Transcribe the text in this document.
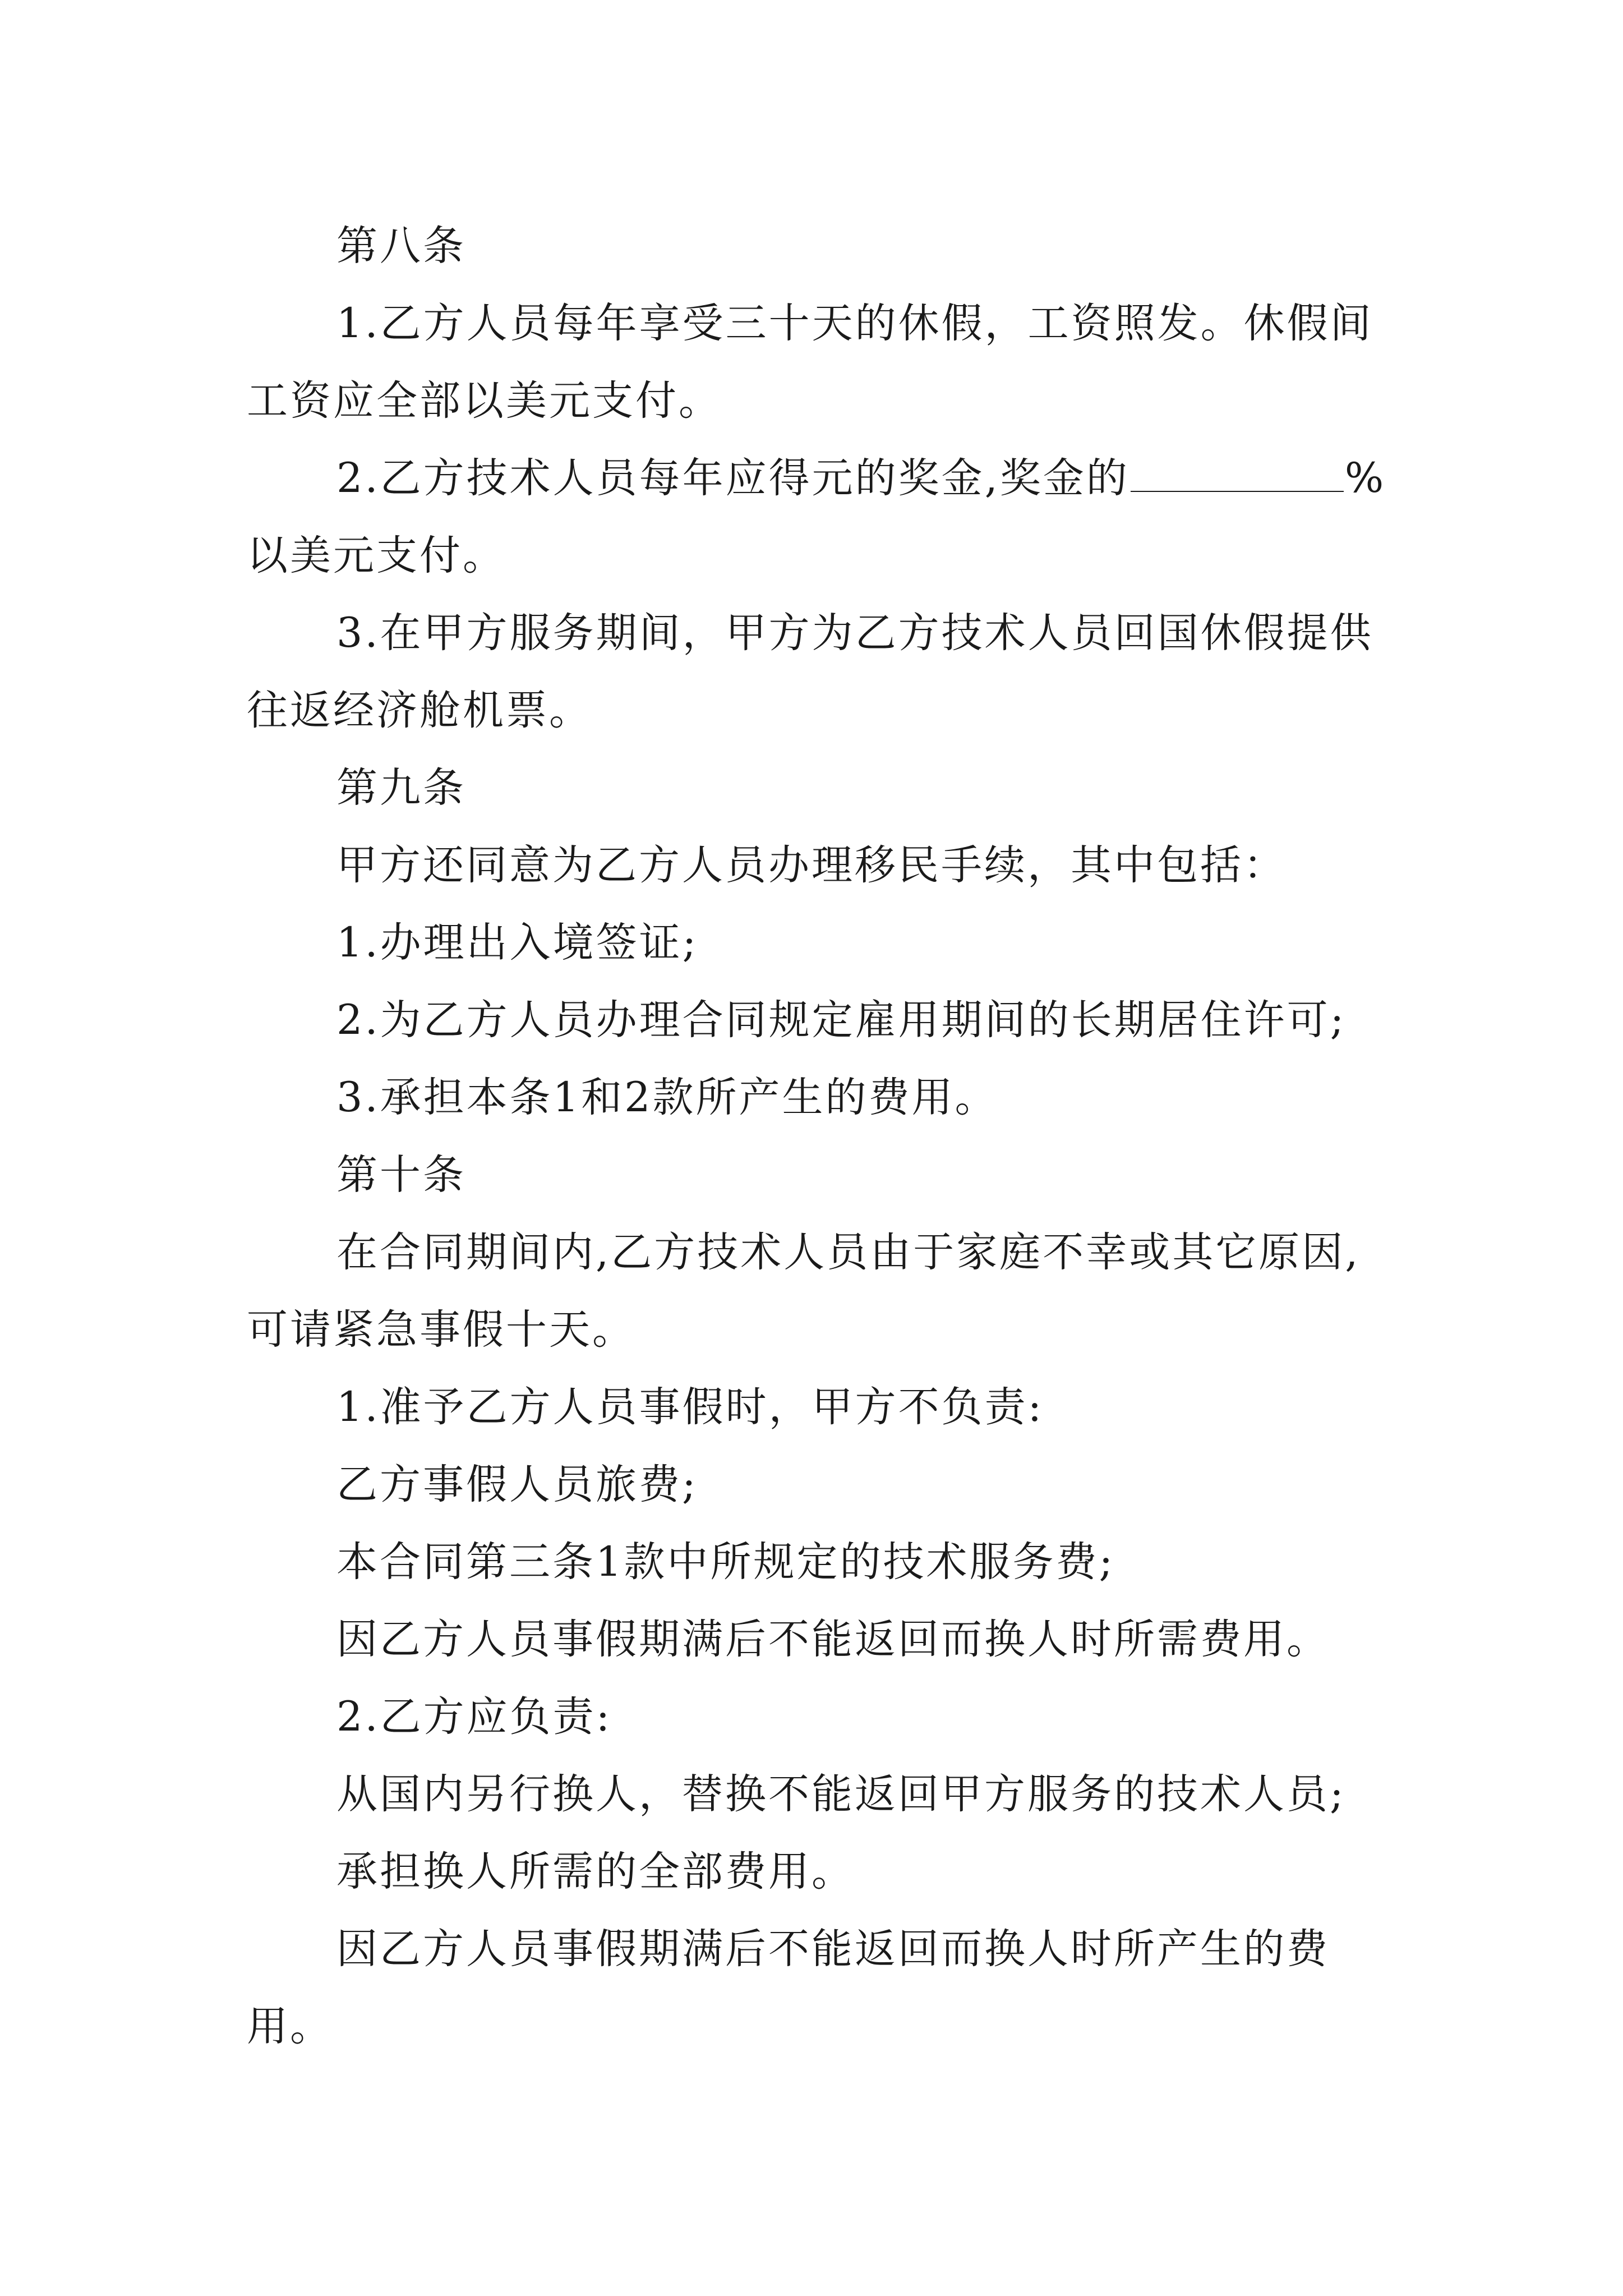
第八条

1.乙方人员每年享受三十天的休假，工资照发。休假间

工资应全部以美元支付。

2.乙方技术人员每年应得元的奖金,奖金的	%

以美元支付。

3.在甲方服务期间，甲方为乙方技术人员回国休假提供

往返经济舱机票。

第九条

甲方还同意为乙方人员办理移民手续，其中包括：

1.办理出入境签证;

2.为乙方人员办理合同规定雇用期间的长期居住许可;

3.承担本条1和2款所产生的费用。

第十条

在合同期间内,乙方技术人员由于家庭不幸或其它原因,

可请紧急事假十天。

1.准予乙方人员事假时，甲方不负责:

乙方事假人员旅费;

本合同第三条1款中所规定的技术服务费;

因乙方人员事假期满后不能返回而换人时所需费用。

2.乙方应负责:

从国内另行换人，替换不能返回甲方服务的技术人员;

承担换人所需的全部费用。

因乙方人员事假期满后不能返回而换人时所产生的费

用。
